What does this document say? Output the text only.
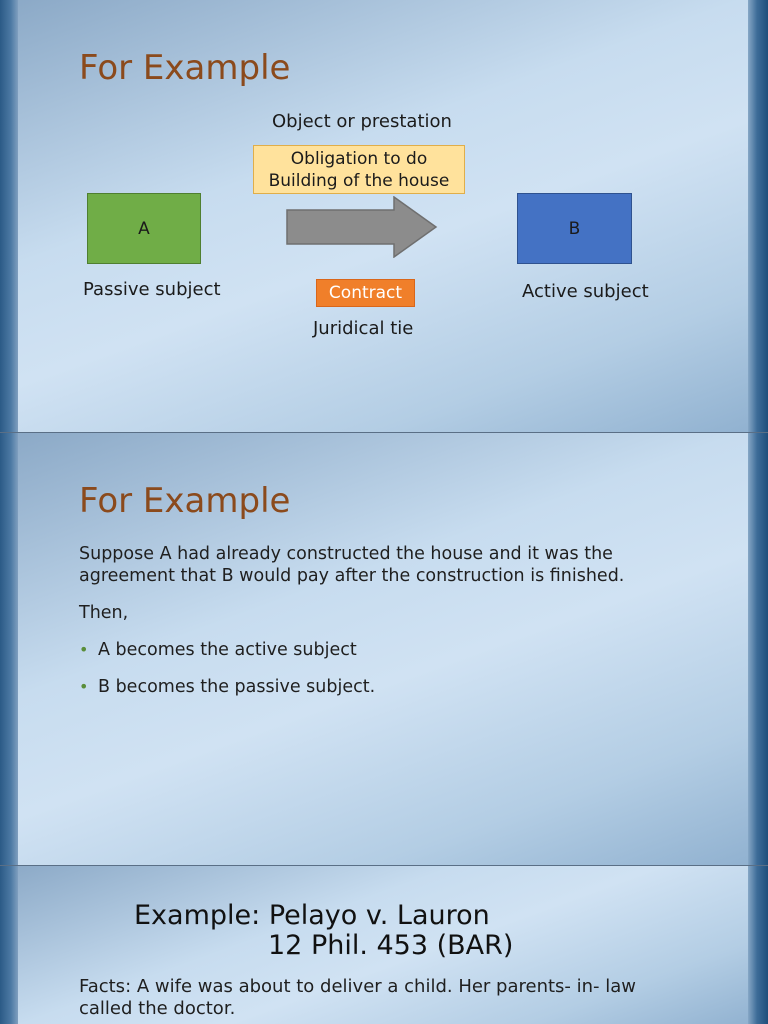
For Example
Object or prestation
Obligation to do
Building of the house
A	B
Passive subject	Contract	Active subject
Juridical tie
For Example

Suppose A had already constructed the house and it was the agreement that B would pay after the construction is finished.

Then,

• A becomes the active subject
• B becomes the passive subject.
Example: Pelayo v. Lauron
12 Phil. 453 (BAR)

Facts: A wife was about to deliver a child. Her parents- in- law called the doctor.
